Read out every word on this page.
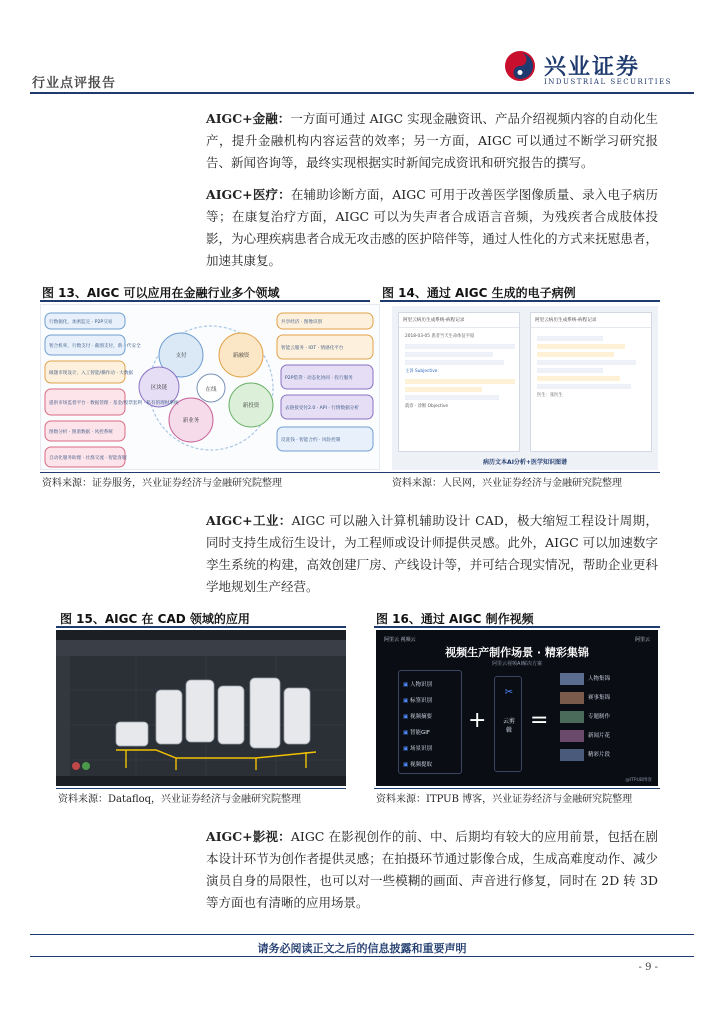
行业点评报告
兴业证券
INDUSTRIAL SECURITIES
AIGC+金融：一方面可通过 AIGC 实现金融资讯、产品介绍视频内容的自动化生产，提升金融机构内容运营的效率；另一方面，AIGC 可以通过不断学习研究报告、新闻咨询等，最终实现根据实时新闻完成资讯和研究报告的撰写。
AIGC+医疗：在辅助诊断方面，AIGC 可用于改善医学图像质量、录入电子病历等；在康复治疗方面，AIGC 可以为失声者合成语言音频，为残疾者合成肢体投影，为心理疾病患者合成无攻击感的医护陪伴等，通过人性化的方式来抚慰患者，加速其康复。
图 13、AIGC 可以应用在金融行业多个领域
行数据化，加密监定 · P2P交易
智合机率，行数支付 · 截图支付，新一代安全
做题市现设计，入工智能/操作动 · 大数据
提供市场监督平台 · 数据管理 · 基金/股票套利 · 私有的理财系统
图数分析 · 图谱数据 · 风控系统
自动化服务助理 · 社群交流 · 智能客服
共享经济 · 图像识别
智能云服务 · IOT · 情感化平台
P2P借贷 · 动态化协同 · 投行服务
去链接受付2.0 · API · 行情数据分析
反洗钱 · 智能合约 · 风险控制
支付	新融资
新投资
新业务
区块链	在线
资料来源：证券服务，兴业证券经济与金融研究院整理
图 14、通过 AIGC 生成的电子病例
阿里云病历生成系统-病程记录
2018-03-05 患者当天生命体征平稳
主诉 Subjective：
就诊 · 诊断 Objective
阿里云病历生成系统-病程记录
医生：张医生
病历文本AI分析+医学知识图谱
资料来源：人民网，兴业证券经济与金融研究院整理
AIGC+工业：AIGC 可以融入计算机辅助设计 CAD，极大缩短工程设计周期，同时支持生成衍生设计，为工程师或设计师提供灵感。此外，AIGC 可以加速数字孪生系统的构建，高效创建厂房、产线设计等，并可结合现实情况，帮助企业更科学地规划生产经营。
图 15、AIGC 在 CAD 领域的应用
资料来源：Datafloq，兴业证券经济与金融研究院整理
图 16、通过 AIGC 制作视频
阿里云 视频云	阿里云
视频生产制作场景 · 精彩集锦
阿里云视频AI解决方案
▣ 人物识别
▣ 标签识别
▣ 视频摘要
▣ 智能GIF
▣ 场景识别
▣ 视频提取
+
✂
云剪辑 =
人物集锦
赛事集锦
专题制作
新闻片花
精彩片段
@ITPUB博客
资料来源：ITPUB 博客，兴业证券经济与金融研究院整理
AIGC+影视：AIGC 在影视创作的前、中、后期均有较大的应用前景，包括在剧本设计环节为创作者提供灵感；在拍摄环节通过影像合成，生成高难度动作、减少演员自身的局限性，也可以对一些模糊的画面、声音进行修复，同时在 2D 转 3D 等方面也有清晰的应用场景。
请务必阅读正文之后的信息披露和重要声明
- 9 -
